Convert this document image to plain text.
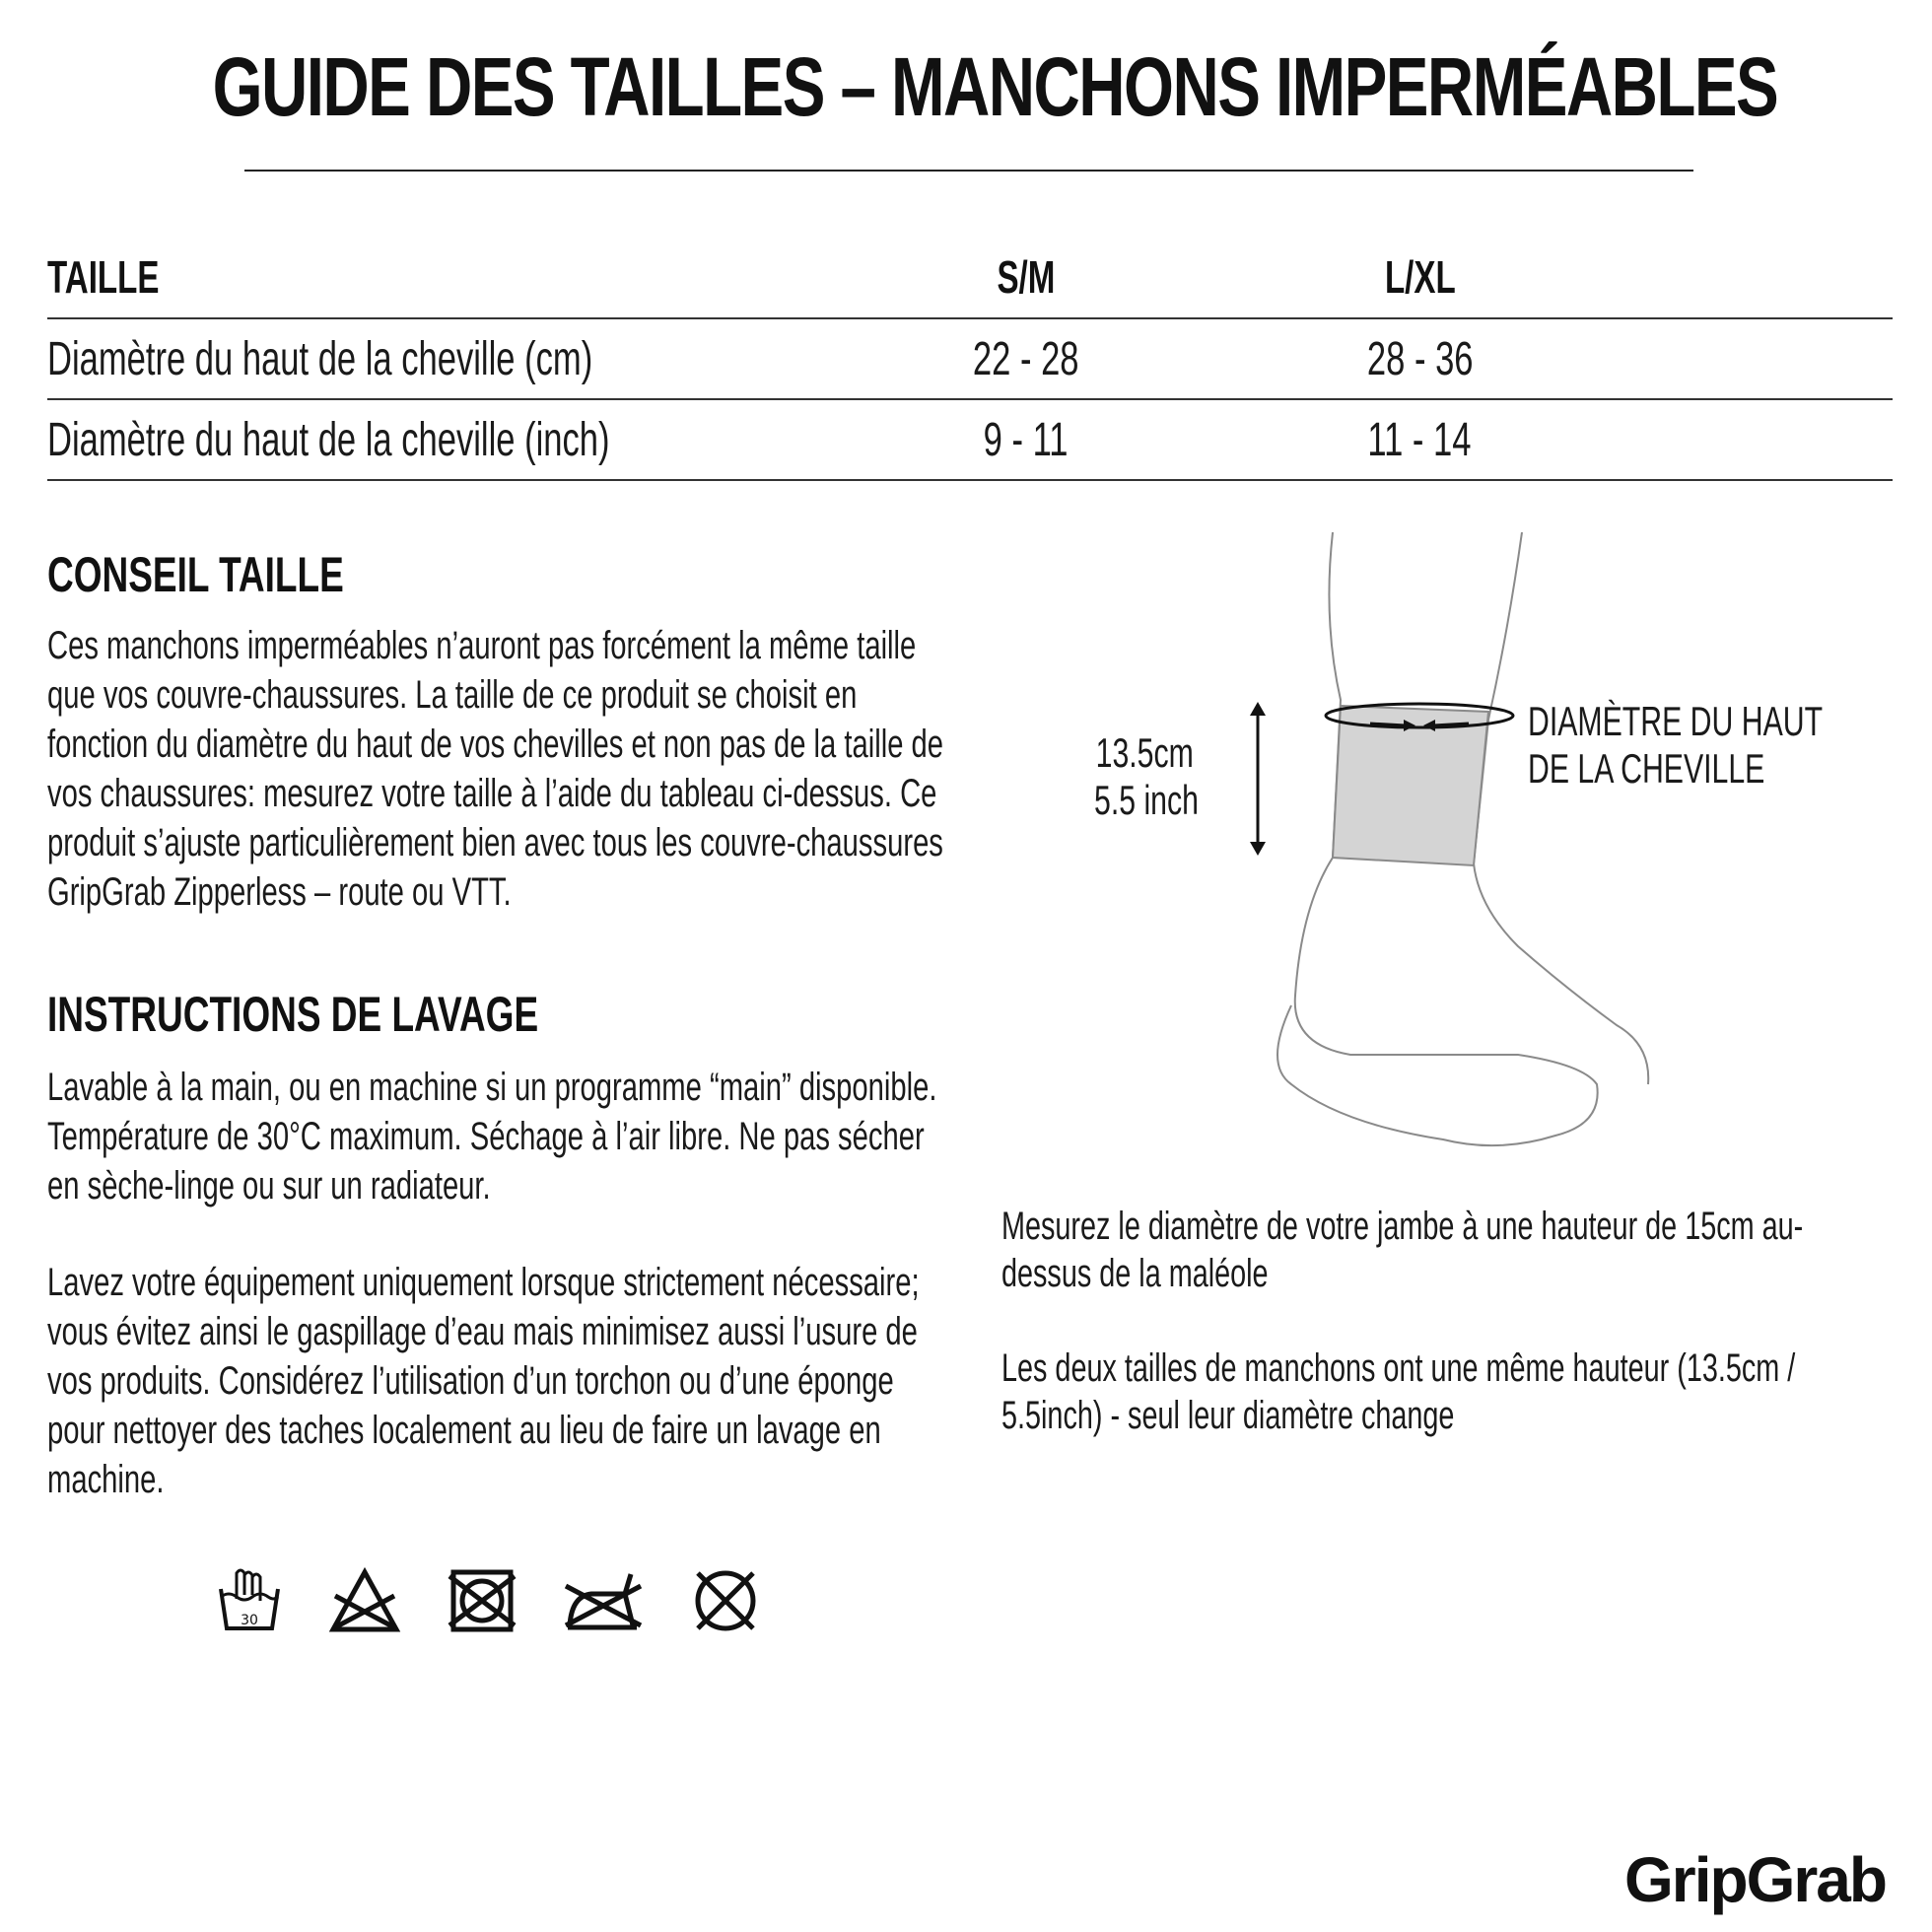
GUIDE DES TAILLES – MANCHONS IMPERMÉABLES
TAILLE	S/M	L/XL	
Diamètre du haut de la cheville (cm)	22 - 28	28 - 36	
Diamètre du haut de la cheville (inch)	9 - 11	11 - 14	
CONSEIL TAILLE

Ces manchons imperméables n’auront pas forcément la même taille que vos couvre-chaussures. La taille de ce produit se choisit en fonction du diamètre du haut de vos chevilles et non pas de la taille de vos chaussures: mesurez votre taille à l’aide du tableau ci-dessus. Ce produit s’ajuste particulièrement bien avec tous les couvre-chaussures GripGrab Zipperless – route ou VTT.

INSTRUCTIONS DE LAVAGE

Lavable à la main, ou en machine si un programme “main” disponible. Température de 30°C maximum. Séchage à l’air libre. Ne pas sécher en sèche-linge ou sur un radiateur.

Lavez votre équipement uniquement lorsque strictement nécessaire; vous évitez ainsi le gaspillage d’eau mais minimisez aussi l’usure de vos produits. Considérez l’utilisation d’un torchon ou d’une éponge pour nettoyer des taches localement au lieu de faire un lavage en machine.

30
13.5cm
5.5 inch
DIAMÈTRE DU HAUT
DE LA CHEVILLE

Mesurez le diamètre de votre jambe à une hauteur de 15cm au-dessus de la maléole

Les deux tailles de manchons ont une même hauteur (13.5cm / 5.5inch) - seul leur diamètre change

GripGrab
